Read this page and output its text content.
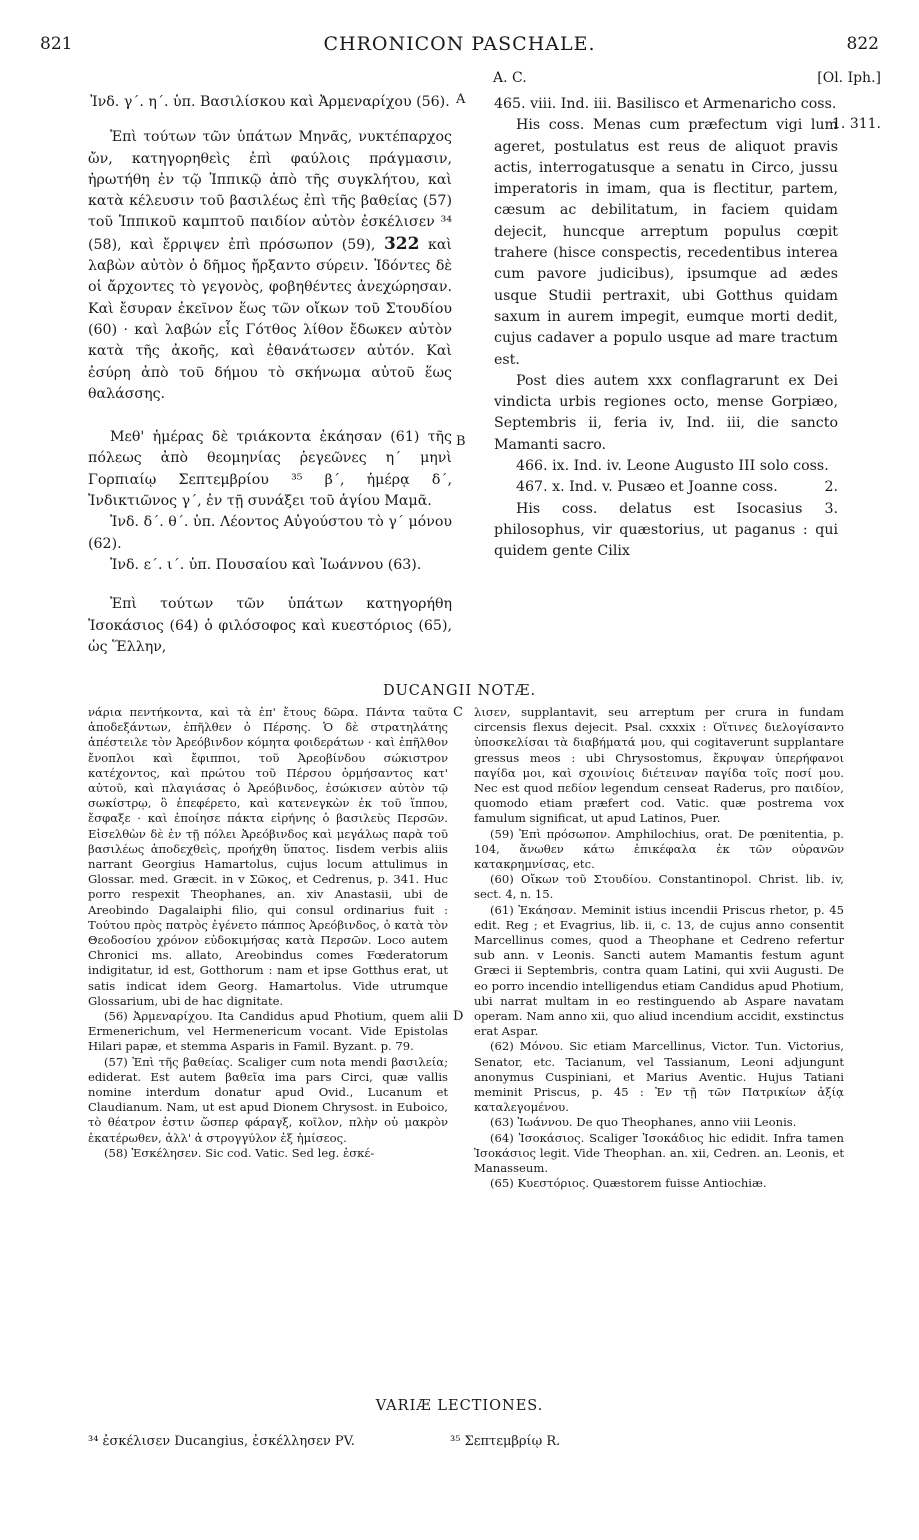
821	CHRONICON PASCHALE.	822
A. C.	[Ol. Iph.]

Ἰνδ. γ΄. η΄. ὑπ. Βασιλίσκου καὶ Ἀρμεναρίχου (56).

Ἐπὶ τούτων τῶν ὑπάτων Μηνᾶς, νυκτέπαρχος ὤν, κατηγορηθεὶς ἐπὶ φαύλοις πράγμασιν, ἠρωτήθη ἐν τῷ Ἱππικῷ ἀπὸ τῆς συγκλήτου, καὶ κατὰ κέλευσιν τοῦ βασιλέως ἐπὶ τῆς βαθείας (57) τοῦ Ἱππικοῦ καμπτοῦ παιδίον αὐτὸν ἐσκέλισεν ³⁴ (58), καὶ ἔρριψεν ἐπὶ πρόσωπον (59), 322 καὶ λαβὼν αὐτὸν ὁ δῆμος ἤρξαντο σύρειν. Ἰδόντες δὲ οἱ ἄρχοντες τὸ γεγονὸς, φοβηθέντες ἀνεχώρησαν. Καὶ ἔσυραν ἐκεῖνον ἕως τῶν οἴκων τοῦ Στουδίου (60) · καὶ λαβών εἷς Γότθος λίθον ἔδωκεν αὐτὸν κατὰ τῆς ἀκοῆς, καὶ ἐθανάτωσεν αὐτόν. Καὶ ἐσύρη ἀπὸ τοῦ δήμου τὸ σκήνωμα αὐτοῦ ἕως θαλάσσης.

Μεθ' ἡμέρας δὲ τριάκοντα ἐκάησαν (61) τῆς πόλεως ἀπὸ θεομηνίας ῥεγεῶνες η΄ μηνὶ Γορπιαίῳ Σεπτεμβρίου ³⁵ β΄, ἡμέρᾳ δ΄, Ἰνδικτιῶνος γ΄, ἐν τῇ συνάξει τοῦ ἁγίου Μαμᾶ.

Ἰνδ. δ΄. θ΄. ὑπ. Λέοντος Αὐγούστου τὸ γ΄ μόνου (62).

Ἰνδ. ε΄. ι΄. ὑπ. Πουσαίου καὶ Ἰωάννου (63).

Ἐπὶ τούτων τῶν ὑπάτων κατηγορήθη Ἰσοκάσιος (64) ὁ φιλόσοφος καὶ κυεστόριος (65), ὡς Ἕλλην,

A
B
C
D
1. 311.

465. viii. Ind. iii. Basilisco et Armenaricho coss.

His coss. Menas cum præfectum vigi lum ageret, postulatus est reus de aliquot pravis actis, interrogatusque a senatu in Circo, jussu imperatoris in imam, qua is flectitur, partem, cæsum ac debilitatum, in faciem quidam dejecit, huncque arreptum populus cœpit trahere (hisce conspectis, recedentibus interea cum pavore judicibus), ipsumque ad ædes usque Studii pertraxit, ubi Gotthus quidam saxum in aurem impegit, eumque morti dedit, cujus cadaver a populo usque ad mare tractum est.

Post dies autem xxx conflagrarunt ex Dei vindicta urbis regiones octo, mense Gorpiæo, Septembris ii, feria iv, Ind. iii, die sancto Mamanti sacro.

466. ix. Ind. iv. Leone Augusto III solo coss.
2.

467. x. Ind. v. Pusæo et Joanne coss.
3.

His coss. delatus est Isocasius philosophus, vir quæstorius, ut paganus : qui quidem gente Cilix

DUCANGII NOTÆ.

νάρια πεντήκοντα, καὶ τὰ ἐπ' ἔτους δῶρα. Πάντα ταῦτα ἀποδεξάντων, ἐπῆλθεν ὁ Πέρσης. Ὁ δὲ στρατηλάτης ἀπέστειλε τὸν Ἀρεόβινδον κόμητα φοιδεράτων · καὶ ἐπῆλθον ἔνοπλοι καὶ ἔφιπποι, τοῦ Ἀρεοβίνδου σώκιστρον κατέχοντος, καὶ πρώτου τοῦ Πέρσου ὁρμήσαντος κατ' αὐτοῦ, καὶ πλαγιάσας ὁ Ἀρεόβινδος, ἐσώκισεν αὐτὸν τῷ σωκίστρῳ, ὃ ἐπεφέρετο, καὶ κατενεγκὼν ἐκ τοῦ ἵππου, ἔσφαξε · καὶ ἐποίησε πάκτα εἰρήνης ὁ βασιλεὺς Περσῶν. Εἰσελθὼν δὲ ἐν τῇ πόλει Ἀρεόβινδος καὶ μεγάλως παρὰ τοῦ βασιλέως ἀποδεχθεὶς, προήχθη ὕπατος. Iisdem verbis aliis narrant Georgius Hamartolus, cujus locum attulimus in Glossar. med. Græcit. in v Σῶκος, et Cedrenus, p. 341. Huc porro respexit Theophanes, an. xiv Anastasii, ubi de Areobindo Dagalaiphi filio, qui consul ordinarius fuit : Τούτου πρὸς πατρὸς ἐγένετο πάππος Ἀρεόβινδος, ὁ κατὰ τὸν Θεοδοσίου χρόνον εὐδοκιμήσας κατὰ Περσῶν. Loco autem Chronici ms. allato, Areobindus comes Fœderatorum indigitatur, id est, Gotthorum : nam et ipse Gotthus erat, ut satis indicat idem Georg. Hamartolus. Vide utrumque Glossarium, ubi de hac dignitate.

(56) Ἀρμεναρίχου. Ita Candidus apud Photium, quem alii Ermenerichum, vel Hermenericum vocant. Vide Epistolas Hilari papæ, et stemma Asparis in Famil. Byzant. p. 79.

(57) Ἐπὶ τῆς βαθείας. Scaliger cum nota mendi βασιλεία; ediderat. Est autem βαθεῖα ima pars Circi, quæ vallis nomine interdum donatur apud Ovid., Lucanum et Claudianum. Nam, ut est apud Dionem Chrysost. in Euboico, τὸ θέατρον ἐστιν ὥσπερ φάραγξ, κοῖλον, πλὴν οὐ μακρὸν ἑκατέρωθεν, ἀλλ' ἀ στρογγύλον ἐξ ἡμίσεος.

(58) Ἐσκέλησεν. Sic cod. Vatic. Sed leg. ἐσκέ-

λισεν, supplantavit, seu arreptum per crura in fundam circensis flexus dejecit. Psal. cxxxix : Οἵτινες διελογίσαντο ὑποσκελίσαι τὰ διαβήματά μου, qui cogitaverunt supplantare gressus meos : ubi Chrysostomus, ἔκρυψαν ὑπερήφανοι παγίδα μοι, καὶ σχοινίοις διέτειναν παγίδα τοῖς ποσί μου. Nec est quod πεδίον legendum censeat Raderus, pro παιδίον, quomodo etiam præfert cod. Vatic. quæ postrema vox famulum significat, ut apud Latinos, Puer.

(59) Ἐπὶ πρόσωπον. Amphilochius, orat. De pœnitentia, p. 104, ἄνωθεν κάτω ἐπικέφαλα ἐκ τῶν οὐρανῶν κατακρημνίσας, etc.

(60) Οἴκων τοῦ Στουδίου. Constantinopol. Christ. lib. iv, sect. 4, n. 15.

(61) Ἐκάησαν. Meminit istius incendii Priscus rhetor, p. 45 edit. Reg ; et Evagrius, lib. ii, c. 13, de cujus anno consentit Marcellinus comes, quod a Theophane et Cedreno refertur sub ann. v Leonis. Sancti autem Mamantis festum agunt Græci ii Septembris, contra quam Latini, qui xvii Augusti. De eo porro incendio intelligendus etiam Candidus apud Photium, ubi narrat multam in eo restinguendo ab Aspare navatam operam. Nam anno xii, quo aliud incendium accidit, exstinctus erat Aspar.

(62) Μόνου. Sic etiam Marcellinus, Victor. Tun. Victorius, Senator, etc. Tacianum, vel Tassianum, Leoni adjungunt anonymus Cuspiniani, et Marius Aventic. Hujus Tatiani meminit Priscus, p. 45 : Ἐν τῇ τῶν Πατρικίων ἀξίᾳ καταλεγομένου.

(63) Ἰωάννου. De quo Theophanes, anno viii Leonis.

(64) Ἰσοκάσιος. Scaliger Ἰσοκάδιος hic edidit. Infra tamen Ἰσοκάσιος legit. Vide Theophan. an. xii, Cedren. an. Leonis, et Manasseum.

(65) Κυεστόριος. Quæstorem fuisse Antiochiæ.

VARIÆ LECTIONES.
³⁴ ἐσκέλισεν Ducangius, ἐσκέλλησεν PV.	³⁵ Σεπτεμβρίῳ R.
